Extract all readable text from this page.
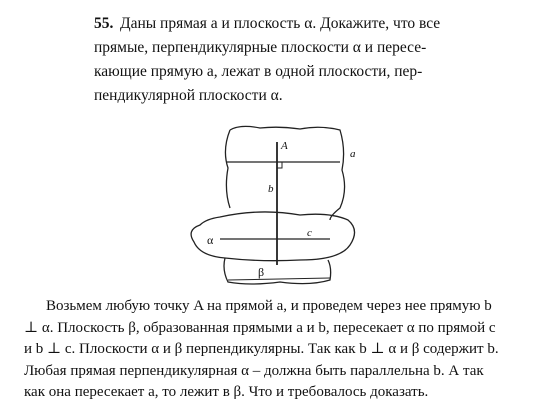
55. Даны прямая a и плоскость α. Докажите, что все
прямые, перпендикулярные плоскости α и пересе-
кающие прямую a, лежат в одной плоскости, пер-
пендикулярной плоскости α.
A
a
b
α	c
β
Возьмем любую точку A на прямой a, и проведем через нее прямую b
⊥ α. Плоскость β, образованная прямыми a и b, пересекает α по прямой c
и b ⊥ c. Плоскости α и β перпендикулярны. Так как b ⊥ α и β содержит b.
Любая прямая перпендикулярная α – должна быть параллельна b. А так
как она пересекает a, то лежит в β. Что и требовалось доказать.
